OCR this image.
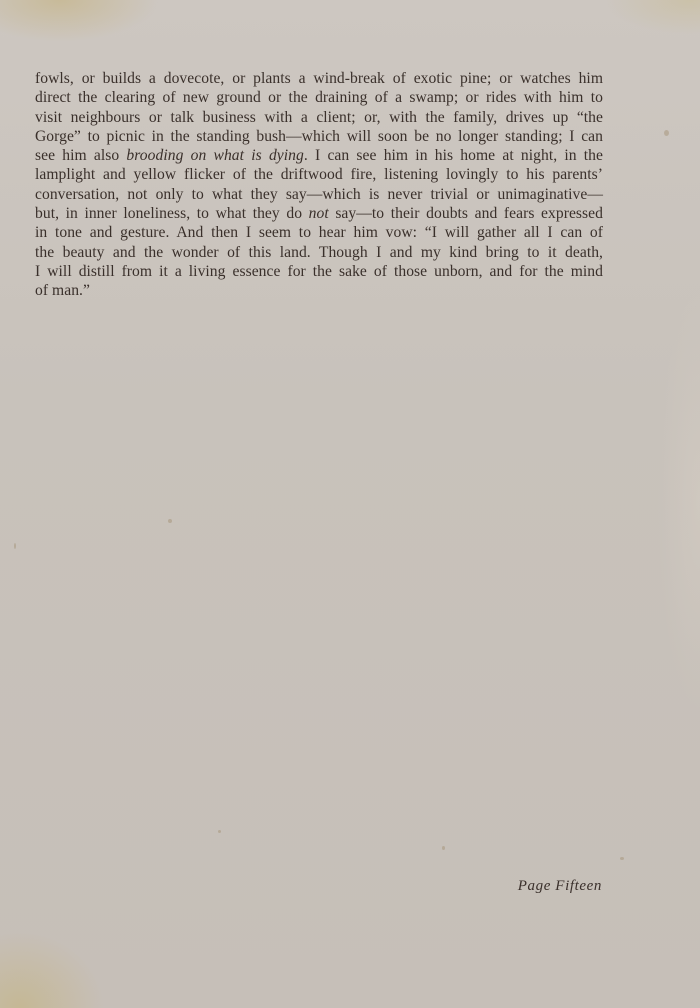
fowls, or builds a dovecote, or plants a wind-break of exotic pine; or watches him
direct the clearing of new ground or the draining of a swamp; or rides with him to
visit neighbours or talk business with a client; or, with the family, drives up “the
Gorge” to picnic in the standing bush—which will soon be no longer standing; I can
see him also brooding on what is dying. I can see him in his home at night, in the
lamplight and yellow flicker of the driftwood fire, listening lovingly to his parents’
conversation, not only to what they say—which is never trivial or unimaginative—
but, in inner loneliness, to what they do not say—to their doubts and fears expressed
in tone and gesture. And then I seem to hear him vow: “I will gather all I can of
the beauty and the wonder of this land. Though I and my kind bring to it death,
I will distill from it a living essence for the sake of those unborn, and for the mind
of man.”
Page Fifteen
